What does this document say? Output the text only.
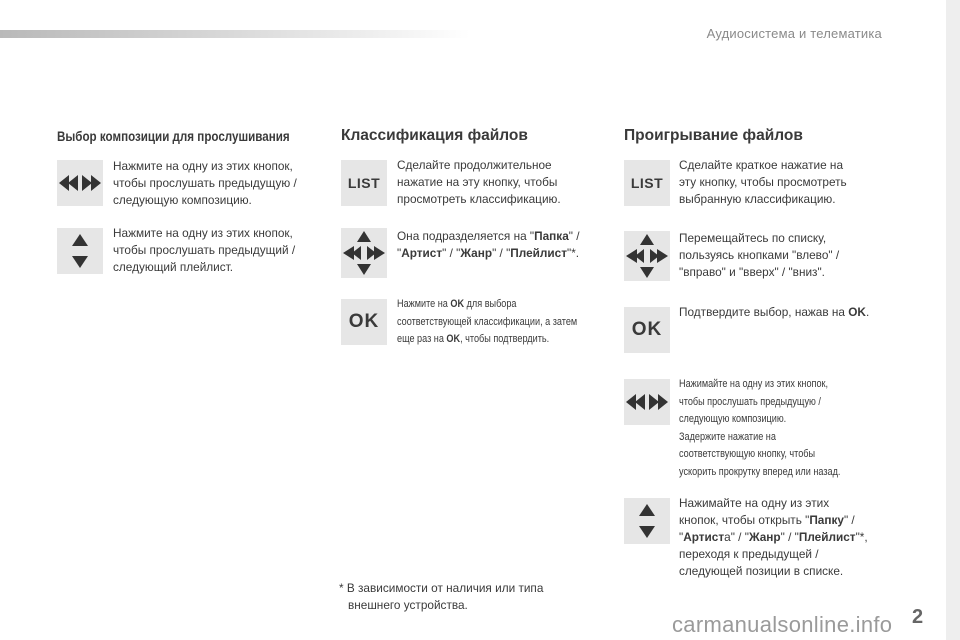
Аудиосистема и телематика
Выбор композиции для прослушивания
Нажмите на одну из этих кнопок,
чтобы прослушать предыдущую /
следующую композицию.
Нажмите на одну из этих кнопок,
чтобы прослушать предыдущий /
следующий плейлист.
Классификация файлов
LIST
Сделайте продолжительное
нажатие на эту кнопку, чтобы
просмотреть классификацию.
Она подразделяется на "Папка" /
"Артист" / "Жанр" / "Плейлист"*.
OK
Нажмите на OK для выбора
соответствующей классификации, а затем
еще раз на OK, чтобы подтвердить.
* В зависимости от наличия или типа
внешнего устройства.
Проигрывание файлов
LIST
Сделайте краткое нажатие на
эту кнопку, чтобы просмотреть
выбранную классификацию.
Перемещайтесь по списку,
пользуясь кнопками "влево" /
"вправо" и "вверх" / "вниз".
OK
Подтвердите выбор, нажав на OK.
Нажимайте на одну из этих кнопок,
чтобы прослушать предыдущую /
следующую композицию.
Задержите нажатие на
соответствующую кнопку, чтобы
ускорить прокрутку вперед или назад.
Нажимайте на одну из этих
кнопок, чтобы открыть "Папку" /
"Артиста" / "Жанр" / "Плейлист"*,
переходя к предыдущей /
следующей позиции в списке.
carmanualsonline.info 2
